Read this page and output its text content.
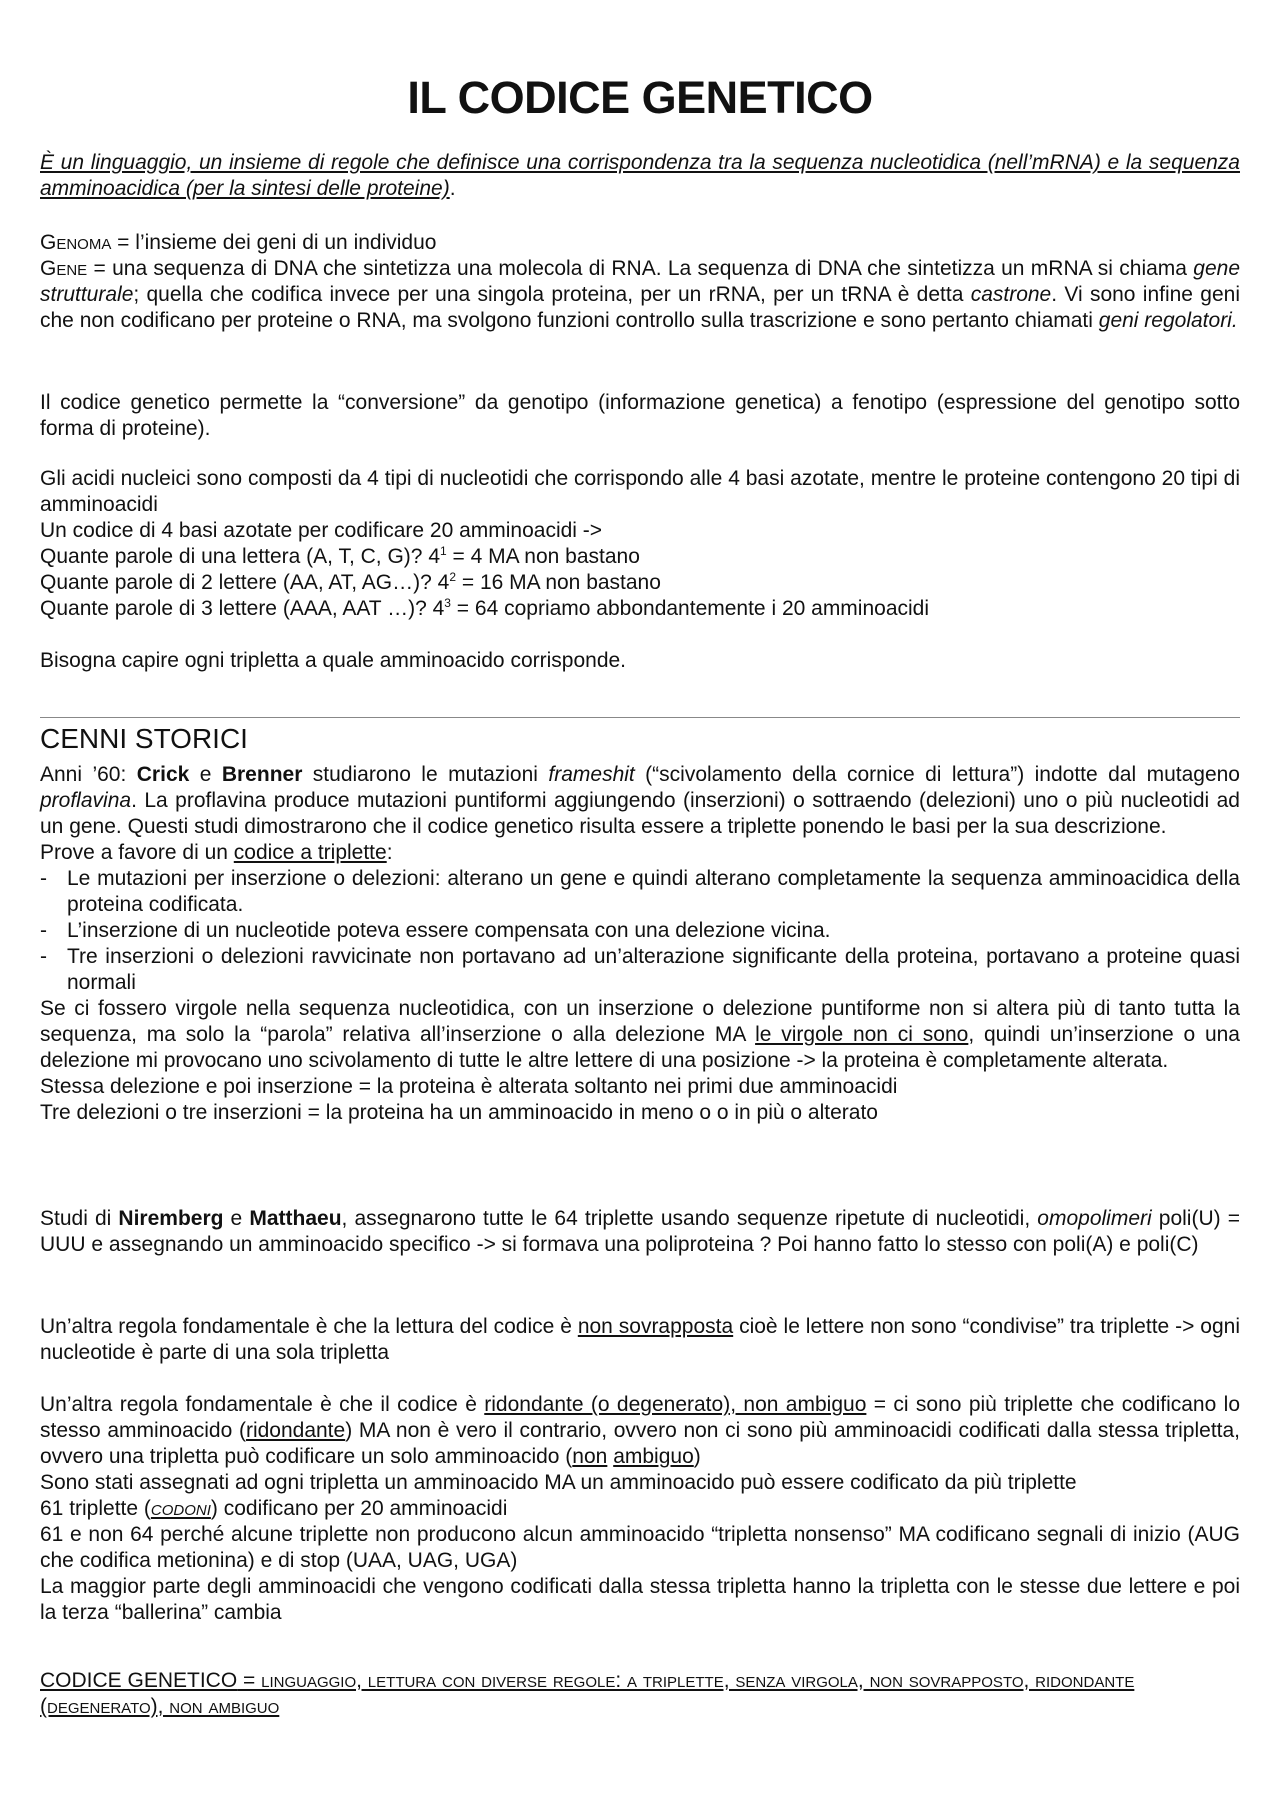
IL CODICE GENETICO

È un linguaggio, un insieme di regole che definisce una corrispondenza tra la sequenza nucleotidica (nell’mRNA) e la sequenza amminoacidica (per la sintesi delle proteine).

Genoma = l’insieme dei geni di un individuo

Gene = una sequenza di DNA che sintetizza una molecola di RNA. La sequenza di DNA che sintetizza un mRNA si chiama gene strutturale; quella che codifica invece per una singola proteina, per un rRNA, per un tRNA è detta castrone. Vi sono infine geni che non codificano per proteine o RNA, ma svolgono funzioni controllo sulla trascrizione e sono pertanto chiamati geni regolatori.

Il codice genetico permette la “conversione” da genotipo (informazione genetica) a fenotipo (espressione del genotipo sotto forma di proteine).

Gli acidi nucleici sono composti da 4 tipi di nucleotidi che corrispondo alle 4 basi azotate, mentre le proteine contengono 20 tipi di amminoacidi

Un codice di 4 basi azotate per codificare 20 amminoacidi ->

Quante parole di una lettera (A, T, C, G)? $4^1 = 4$ MA non bastano

Quante parole di 2 lettere (AA, AT, AG…)? $4^2 = 16$ MA non bastano

Quante parole di 3 lettere (AAA, AAT …)? $4^3 = 64$ copriamo abbondantemente i 20 amminoacidi

Bisogna capire ogni tripletta a quale amminoacido corrisponde.

CENNI STORICI

Anni ’60: Crick e Brenner studiarono le mutazioni frameshit (“scivolamento della cornice di lettura”) indotte dal mutageno proflavina. La proflavina produce mutazioni puntiformi aggiungendo (inserzioni) o sottraendo (delezioni) uno o più nucleotidi ad un gene. Questi studi dimostrarono che il codice genetico risulta essere a triplette ponendo le basi per la sua descrizione.

Prove a favore di un codice a triplette:

- Le mutazioni per inserzione o delezioni: alterano un gene e quindi alterano completamente la sequenza amminoacidica della proteina codificata.
- L’inserzione di un nucleotide poteva essere compensata con una delezione vicina.
- Tre inserzioni o delezioni ravvicinate non portavano ad un’alterazione significante della proteina, portavano a proteine quasi normali

Se ci fossero virgole nella sequenza nucleotidica, con un inserzione o delezione puntiforme non si altera più di tanto tutta la sequenza, ma solo la “parola” relativa all’inserzione o alla delezione MA le virgole non ci sono, quindi un’inserzione o una delezione mi provocano uno scivolamento di tutte le altre lettere di una posizione -> la proteina è completamente alterata.

Stessa delezione e poi inserzione = la proteina è alterata soltanto nei primi due amminoacidi

Tre delezioni o tre inserzioni = la proteina ha un amminoacido in meno o o in più o alterato

Studi di Niremberg e Matthaeu, assegnarono tutte le 64 triplette usando sequenze ripetute di nucleotidi, omopolimeri poli(U) = UUU e assegnando un amminoacido specifico -> si formava una poliproteina ? Poi hanno fatto lo stesso con poli(A) e poli(C)

Un’altra regola fondamentale è che la lettura del codice è non sovrapposta cioè le lettere non sono “condivise” tra triplette -> ogni nucleotide è parte di una sola tripletta

Un’altra regola fondamentale è che il codice è ridondante (o degenerato), non ambiguo = ci sono più triplette che codificano lo stesso amminoacido (ridondante) MA non è vero il contrario, ovvero non ci sono più amminoacidi codificati dalla stessa tripletta, ovvero una tripletta può codificare un solo amminoacido (non ambiguo)

Sono stati assegnati ad ogni tripletta un amminoacido MA un amminoacido può essere codificato da più triplette

61 triplette (codoni) codificano per 20 amminoacidi

61 e non 64 perché alcune triplette non producono alcun amminoacido “tripletta nonsenso” MA codificano segnali di inizio (AUG che codifica metionina) e di stop (UAA, UAG, UGA)

La maggior parte degli amminoacidi che vengono codificati dalla stessa tripletta hanno la tripletta con le stesse due lettere e poi la terza “ballerina” cambia

CODICE GENETICO = linguaggio, lettura con diverse regole: a triplette, senza virgola, non sovrapposto, ridondante (degenerato), non ambiguo
